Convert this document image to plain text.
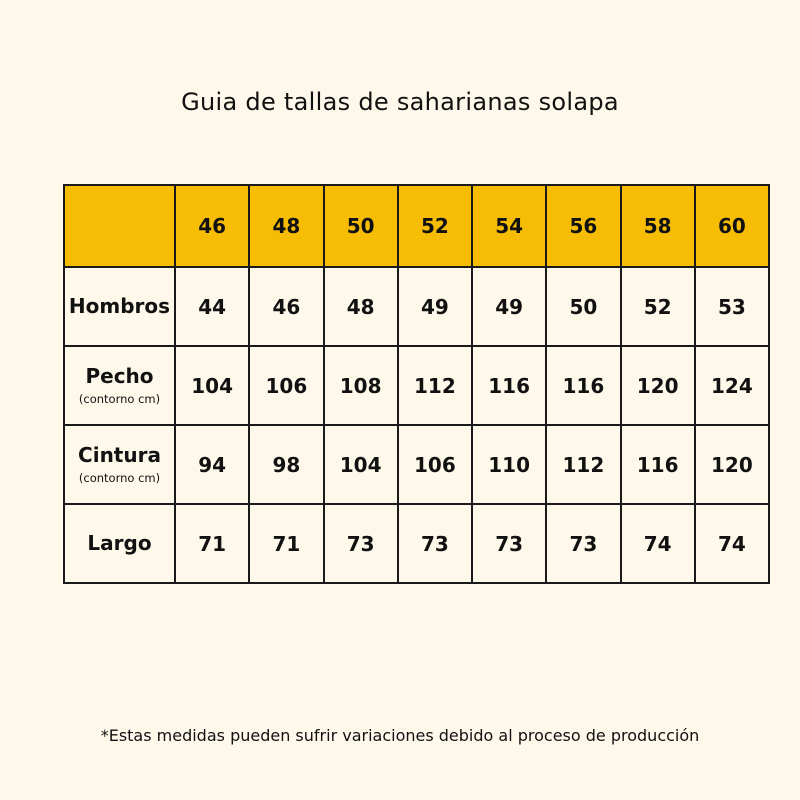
Guia de tallas de saharianas solapa
	46	48	50	52	54	56	58	60

Hombros	44	46	48	49	49	50	52	53

Pecho
(contorno cm)	104	106	108	112	116	116	120	124

Cintura
(contorno cm)	94	98	104	106	110	112	116	120

Largo	71	71	73	73	73	73	74	74
*Estas medidas pueden sufrir variaciones debido al proceso de producción
